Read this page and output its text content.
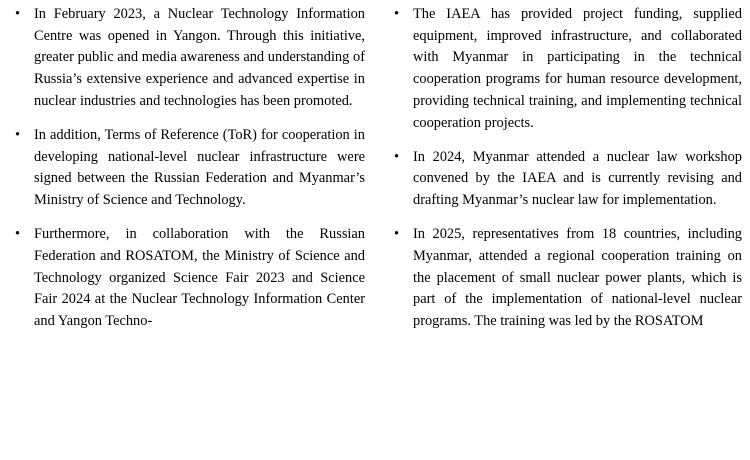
• In February 2023, a Nuclear Technology Information Centre was opened in Yangon. Through this initiative, greater public and media awareness and understanding of Russia’s extensive experience and advanced expertise in nuclear industries and technologies has been promoted.
• In addition, Terms of Reference (ToR) for cooperation in developing national-level nuclear infrastructure were signed between the Russian Federation and Myanmar’s Ministry of Science and Technology.
• Furthermore, in collaboration with the Russian Federation and ROSATOM, the Ministry of Science and Technology organized Science Fair 2023 and Science Fair 2024 at the Nuclear Technology Information Center and Yangon Techno-
• The IAEA has provided project funding, supplied equipment, improved infrastructure, and collaborated with Myanmar in participating in the technical cooperation programs for human resource development, providing technical training, and implementing technical cooperation projects.
• In 2024, Myanmar attended a nuclear law workshop convened by the IAEA and is currently revising and drafting Myanmar’s nuclear law for implementation.
• In 2025, representatives from 18 countries, including Myanmar, attended a regional cooperation training on the placement of small nuclear power plants, which is part of the implementation of national-level nuclear programs. The training was led by the ROSATOM
